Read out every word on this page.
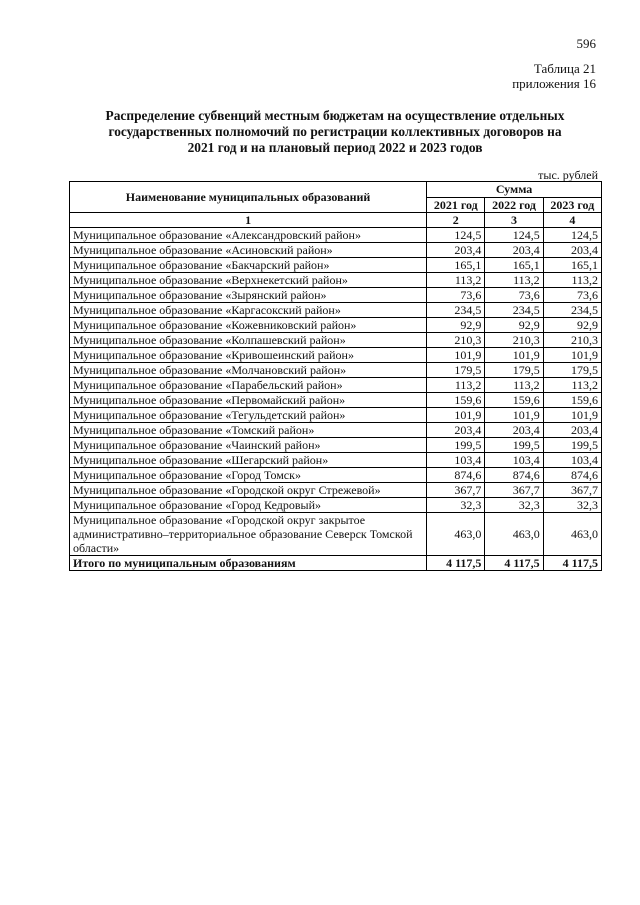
596
Таблица 21
приложения 16
Распределение субвенций местным бюджетам на осуществление отдельных
государственных полномочий по регистрации коллективных договоров на
2021 год и на плановый период 2022 и 2023 годов
тыс. рублей
Наименование муниципальных образований	Сумма		
	2021 год	2022 год	2023 год
1	2	3	4
Муниципальное образование «Александровский район»	124,5	124,5	124,5
Муниципальное образование «Асиновский район»	203,4	203,4	203,4
Муниципальное образование «Бакчарский район»	165,1	165,1	165,1
Муниципальное образование «Верхнекетский район»	113,2	113,2	113,2
Муниципальное образование «Зырянский район»	73,6	73,6	73,6
Муниципальное образование «Каргасокский район»	234,5	234,5	234,5
Муниципальное образование «Кожевниковский район»	92,9	92,9	92,9
Муниципальное образование «Колпашевский район»	210,3	210,3	210,3
Муниципальное образование «Кривошеинский район»	101,9	101,9	101,9
Муниципальное образование «Молчановский район»	179,5	179,5	179,5
Муниципальное образование «Парабельский район»	113,2	113,2	113,2
Муниципальное образование «Первомайский район»	159,6	159,6	159,6
Муниципальное образование «Тегульдетский район»	101,9	101,9	101,9
Муниципальное образование «Томский район»	203,4	203,4	203,4
Муниципальное образование «Чаинский район»	199,5	199,5	199,5
Муниципальное образование «Шегарский район»	103,4	103,4	103,4
Муниципальное образование «Город Томск»	874,6	874,6	874,6
Муниципальное образование «Городской округ Стрежевой»	367,7	367,7	367,7
Муниципальное образование «Город Кедровый»	32,3	32,3	32,3
Муниципальное образование «Городской округ закрытое административно–территориальное образование Северск Томской области»	463,0	463,0	463,0
Итого по муниципальным образованиям	4 117,5	4 117,5	4 117,5
